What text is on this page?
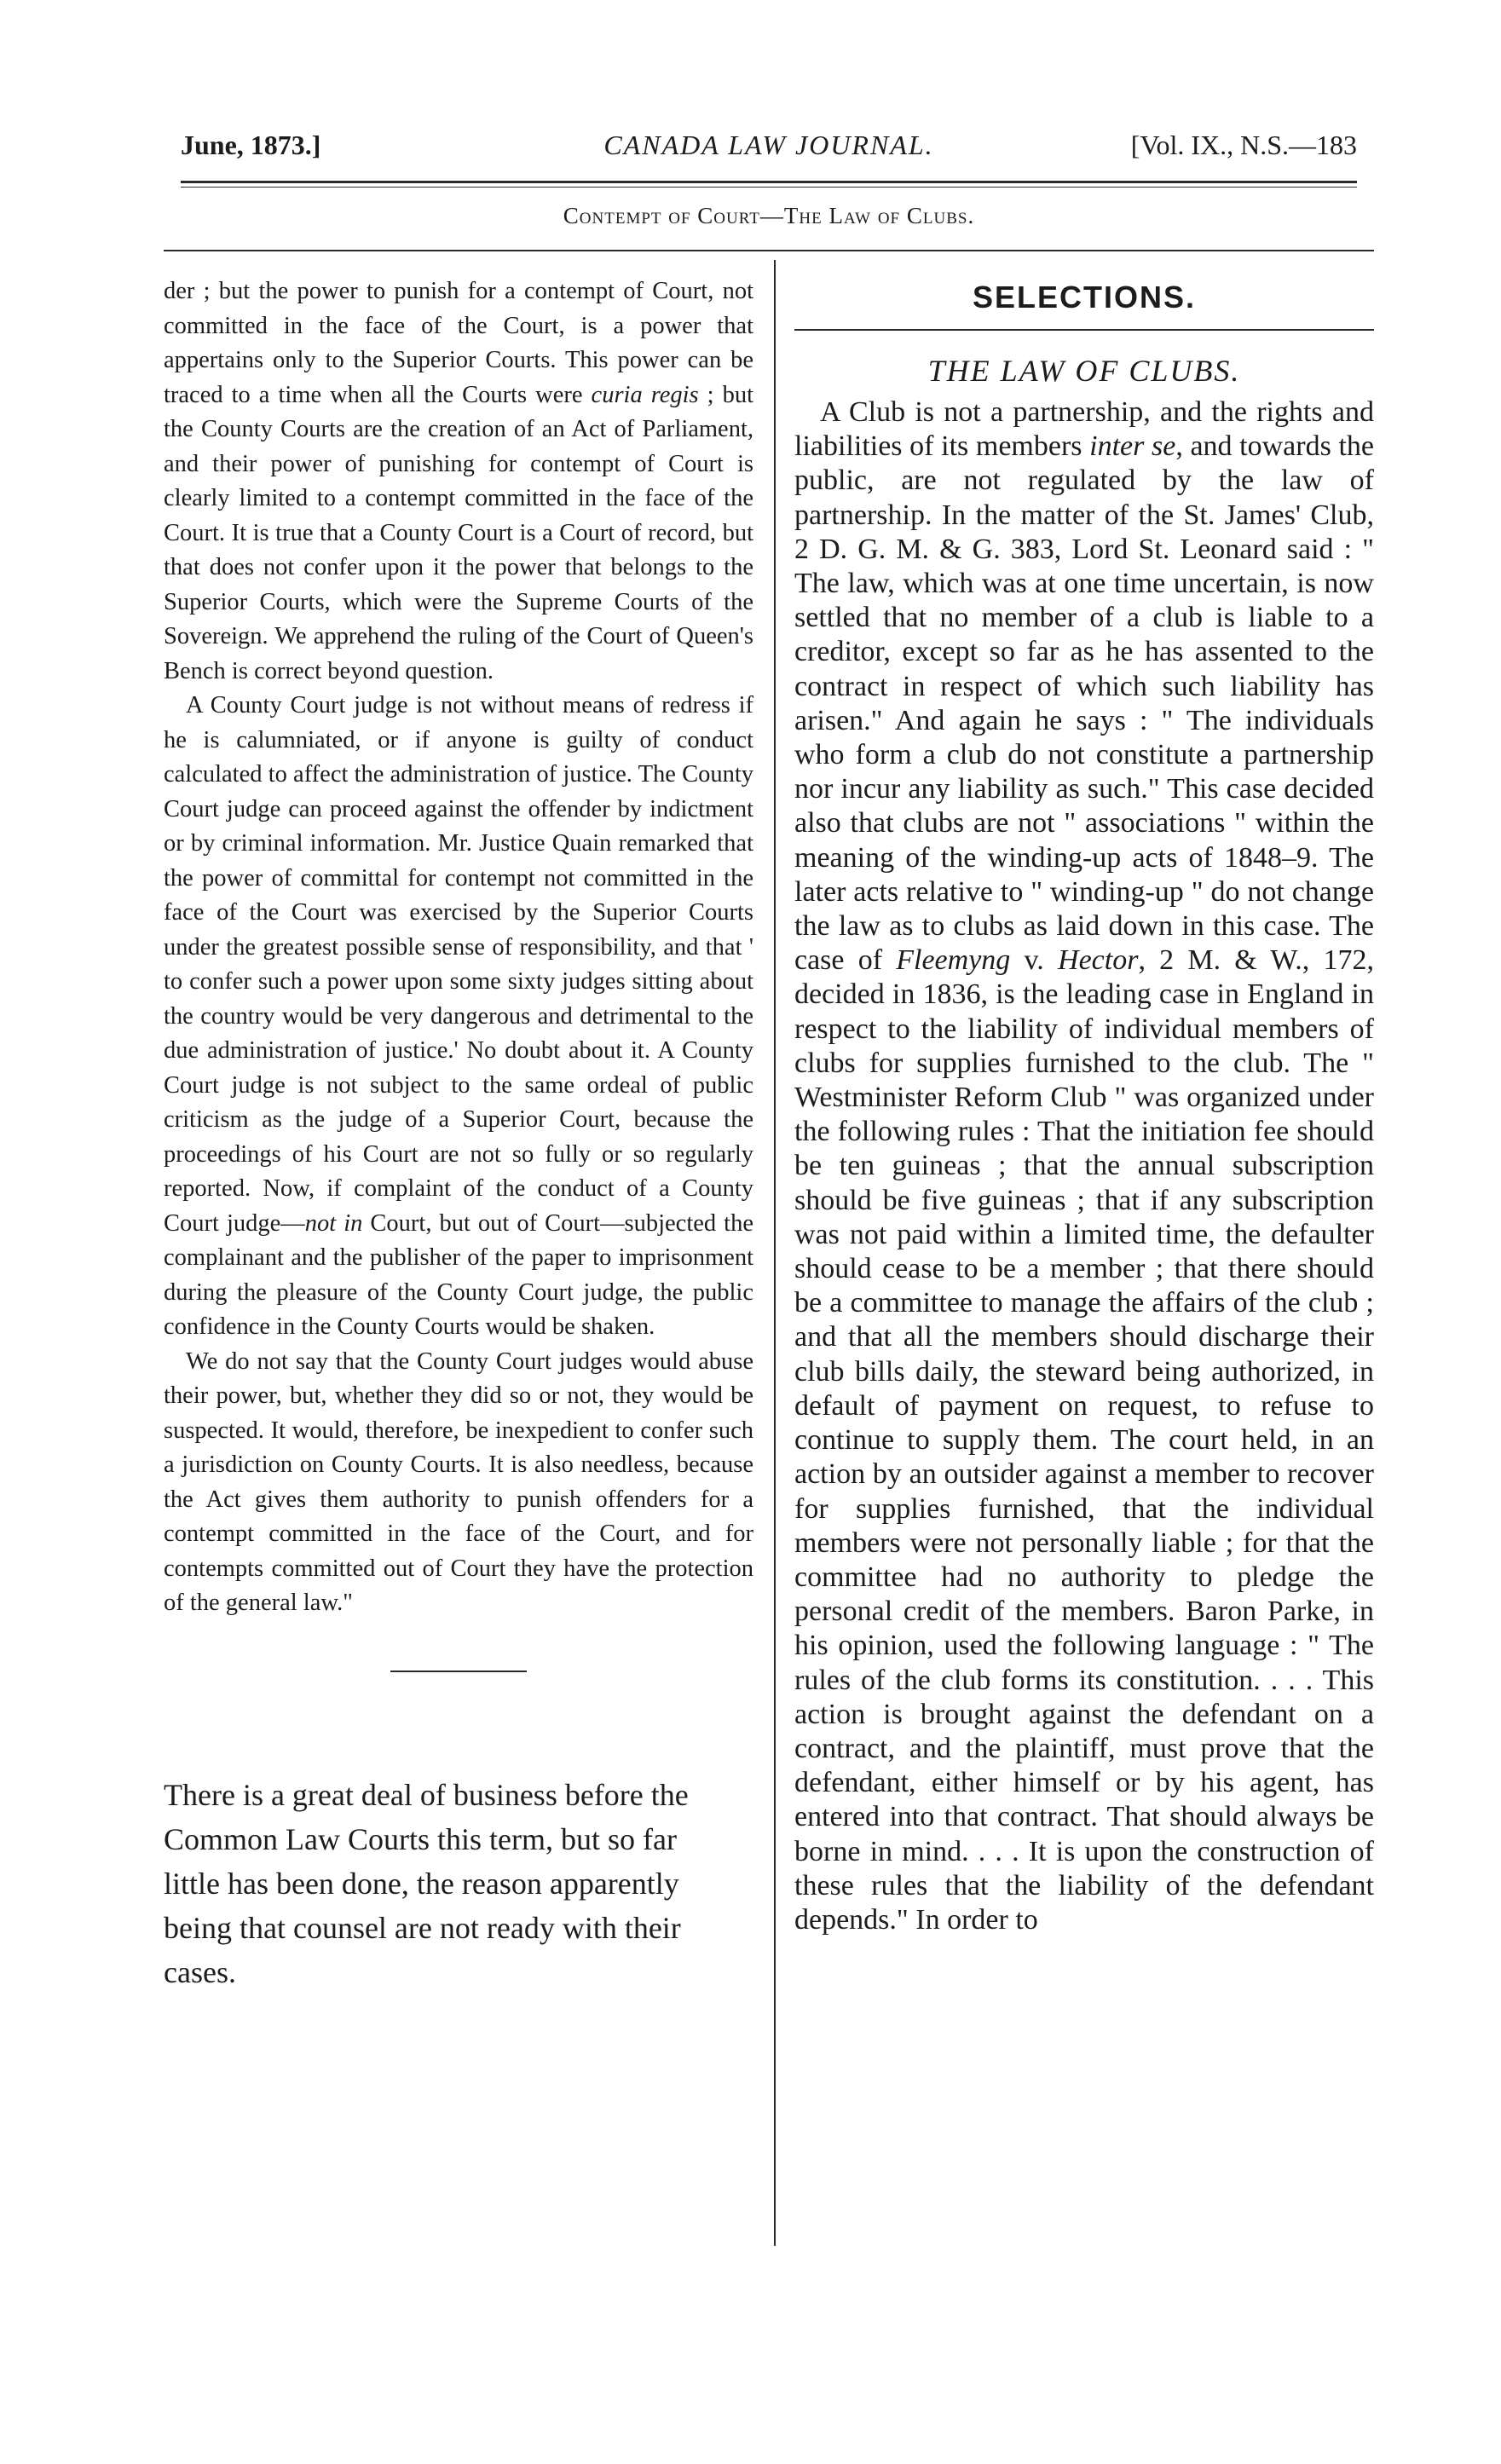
June, 1873.]	CANADA LAW JOURNAL.	[Vol. IX., N.S.—183
Contempt of Court—The Law of Clubs.

der ; but the power to punish for a contempt of Court, not committed in the face of the Court, is a power that appertains only to the Superior Courts. This power can be traced to a time when all the Courts were curia regis ; but the County Courts are the creation of an Act of Parliament, and their power of punishing for contempt of Court is clearly limited to a contempt committed in the face of the Court. It is true that a County Court is a Court of record, but that does not confer upon it the power that belongs to the Superior Courts, which were the Supreme Courts of the Sovereign. We apprehend the ruling of the Court of Queen's Bench is correct beyond question.

A County Court judge is not without means of redress if he is calumniated, or if anyone is guilty of conduct calculated to affect the administration of justice. The County Court judge can proceed against the offender by indictment or by criminal information. Mr. Justice Quain remarked that the power of committal for contempt not committed in the face of the Court was exercised by the Superior Courts under the greatest possible sense of responsibility, and that ' to confer such a power upon some sixty judges sitting about the country would be very dangerous and detrimental to the due administration of justice.' No doubt about it. A County Court judge is not subject to the same ordeal of public criticism as the judge of a Superior Court, because the proceedings of his Court are not so fully or so regularly reported. Now, if complaint of the conduct of a County Court judge—not in Court, but out of Court—subjected the complainant and the publisher of the paper to imprisonment during the pleasure of the County Court judge, the public confidence in the County Courts would be shaken.

We do not say that the County Court judges would abuse their power, but, whether they did so or not, they would be suspected. It would, therefore, be inexpedient to confer such a jurisdiction on County Courts. It is also needless, because the Act gives them authority to punish offenders for a contempt committed in the face of the Court, and for contempts committed out of Court they have the protection of the general law."

There is a great deal of business before the Common Law Courts this term, but so far little has been done, the reason apparently being that counsel are not ready with their cases.

SELECTIONS.
THE LAW OF CLUBS.

A Club is not a partnership, and the rights and liabilities of its members inter se, and towards the public, are not regulated by the law of partnership. In the matter of the St. James' Club, 2 D. G. M. & G. 383, Lord St. Leonard said : " The law, which was at one time uncertain, is now settled that no member of a club is liable to a creditor, except so far as he has assented to the contract in respect of which such liability has arisen." And again he says : " The individuals who form a club do not constitute a partnership nor incur any liability as such." This case decided also that clubs are not " associations " within the meaning of the winding-up acts of 1848–9. The later acts relative to " winding-up " do not change the law as to clubs as laid down in this case. The case of Fleemyng v. Hector, 2 M. & W., 172, decided in 1836, is the leading case in England in respect to the liability of individual members of clubs for supplies furnished to the club. The " Westminister Reform Club " was organized under the following rules : That the initiation fee should be ten guineas ; that the annual subscription should be five guineas ; that if any subscription was not paid within a limited time, the defaulter should cease to be a member ; that there should be a committee to manage the affairs of the club ; and that all the members should discharge their club bills daily, the steward being authorized, in default of payment on request, to refuse to continue to supply them. The court held, in an action by an outsider against a member to recover for supplies furnished, that the individual members were not personally liable ; for that the committee had no authority to pledge the personal credit of the members. Baron Parke, in his opinion, used the following language : " The rules of the club forms its constitution. . . . This action is brought against the defendant on a contract, and the plaintiff, must prove that the defendant, either himself or by his agent, has entered into that contract. That should always be borne in mind. . . . It is upon the construction of these rules that the liability of the defendant depends." In order to
